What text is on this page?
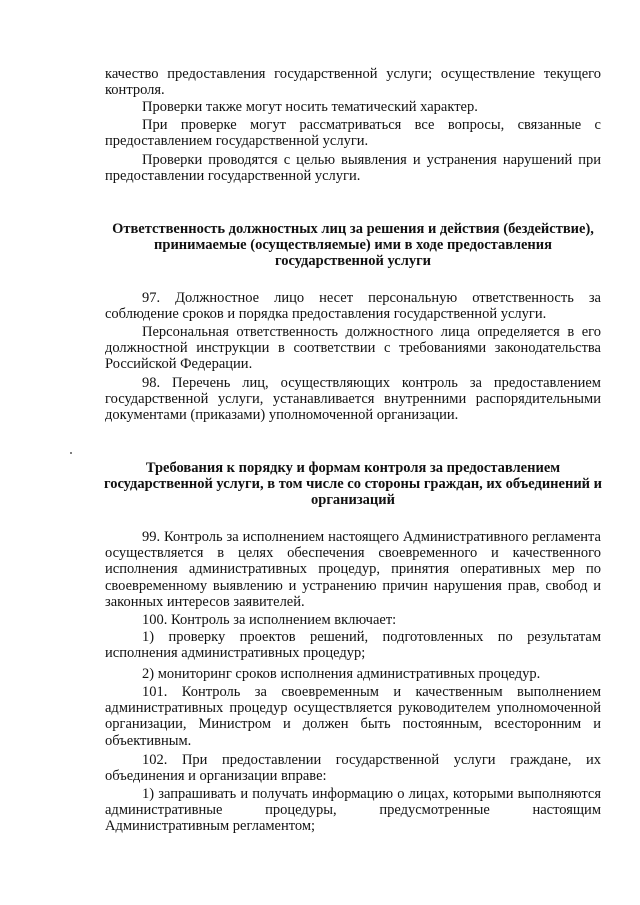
качество предоставления государственной услуги; осуществление текущего контроля.

Проверки также могут носить тематический характер.

При проверке могут рассматриваться все вопросы, связанные с предоставлением государственной услуги.

Проверки проводятся с целью выявления и устранения нарушений при предоставлении государственной услуги.

Ответственность должностных лиц за решения и действия (бездействие), принимаемые (осуществляемые) ими в ходе предоставления государственной услуги

97. Должностное лицо несет персональную ответственность за соблюдение сроков и порядка предоставления государственной услуги.

Персональная ответственность должностного лица определяется в его должностной инструкции в соответствии с требованиями законодательства Российской Федерации.

98. Перечень лиц, осуществляющих контроль за предоставлением государственной услуги, устанавливается внутренними распорядительными документами (приказами) уполномоченной организации.

Требования к порядку и формам контроля за предоставлением государственной услуги, в том числе со стороны граждан, их объединений и организаций

99. Контроль за исполнением настоящего Административного регламента осуществляется в целях обеспечения своевременного и качественного исполнения административных процедур, принятия оперативных мер по своевременному выявлению и устранению причин нарушения прав, свобод и законных интересов заявителей.

100. Контроль за исполнением включает:

1) проверку проектов решений, подготовленных по результатам исполнения административных процедур;

2) мониторинг сроков исполнения административных процедур.

101. Контроль за своевременным и качественным выполнением административных процедур осуществляется руководителем уполномоченной организации, Министром и должен быть постоянным, всесторонним и объективным.

102. При предоставлении государственной услуги граждане, их объединения и организации вправе:

1) запрашивать и получать информацию о лицах, которыми выполняются административные процедуры, предусмотренные настоящим Административным регламентом;
